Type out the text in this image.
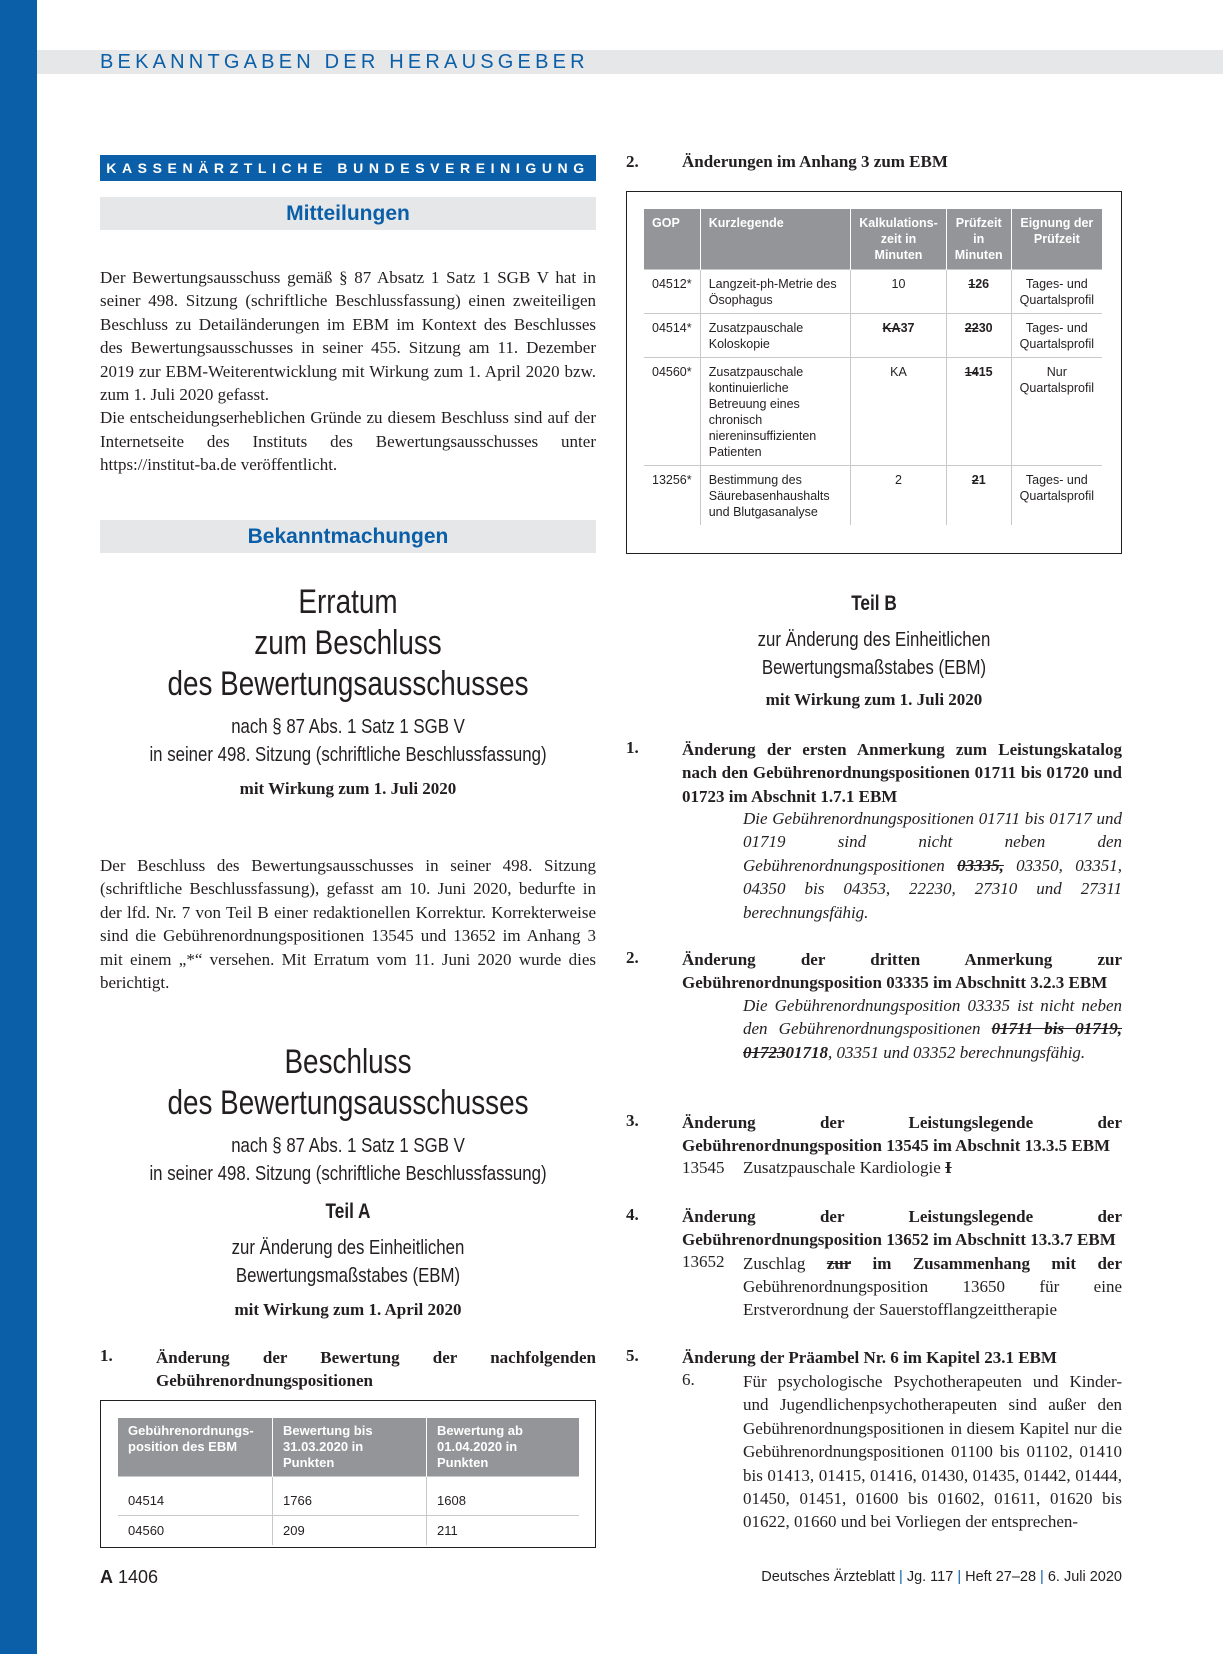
BEKANNTGABEN DER HERAUSGEBER
KASSENÄRZTLICHE BUNDESVEREINIGUNG
Mitteilungen
Der Bewertungsausschuss gemäß § 87 Absatz 1 Satz 1 SGB V hat in seiner 498. Sitzung (schriftliche Beschlussfassung) einen zweiteiligen Beschluss zu Detailänderungen im EBM im Kontext des Beschlusses des Bewertungsausschusses in seiner 455. Sitzung am 11. Dezember 2019 zur EBM-Weiterentwicklung mit Wirkung zum 1. April 2020 bzw. zum 1. Juli 2020 gefasst.
Die entscheidungserheblichen Gründe zu diesem Beschluss sind auf der Internetseite des Instituts des Bewertungsausschusses unter https://institut-ba.de veröffentlicht.
Bekanntmachungen
Erratum
zum Beschluss
des Bewertungsausschusses
nach § 87 Abs. 1 Satz 1 SGB V
in seiner 498. Sitzung (schriftliche Beschlussfassung)
mit Wirkung zum 1. Juli 2020
Der Beschluss des Bewertungsausschusses in seiner 498. Sitzung (schriftliche Beschlussfassung), gefasst am 10. Juni 2020, bedurfte in der lfd. Nr. 7 von Teil B einer redaktionellen Korrektur. Korrekterweise sind die Gebührenordnungspositionen 13545 und 13652 im Anhang 3 mit einem „*“ versehen. Mit Erratum vom 11. Juni 2020 wurde dies berichtigt.
Beschluss
des Bewertungsausschusses
nach § 87 Abs. 1 Satz 1 SGB V
in seiner 498. Sitzung (schriftliche Beschlussfassung)
Teil A
zur Änderung des Einheitlichen Bewertungsmaßstabes (EBM)
mit Wirkung zum 1. April 2020
1.	Änderung der Bewertung der nachfolgenden Gebührenordnungspositionen
Gebührenordnungs-position des EBM	Bewertung bis 31.03.2020 in Punkten	Bewertung ab 01.04.2020 in Punkten
04514	1766	1608
04560	209	211
2.	Änderungen im Anhang 3 zum EBM
GOP	Kurzlegende	Kalkulations-zeit in Minuten	Prüfzeit in Minuten	Eignung der Prüfzeit
04512*	Langzeit-ph-Metrie des Ösophagus	10	126	Tages- und Quartalsprofil
04514*	Zusatzpauschale Koloskopie	KA37	2230	Tages- und Quartalsprofil
04560*	Zusatzpauschale kontinuierliche Betreuung eines chronisch niereninsuffizienten Patienten	KA	1415	Nur Quartalsprofil
13256*	Bestimmung des Säurebasenhaushalts und Blutgasanalyse	2	21	Tages- und Quartalsprofil
Teil B
zur Änderung des Einheitlichen Bewertungsmaßstabes (EBM)
mit Wirkung zum 1. Juli 2020
1.	Änderung der ersten Anmerkung zum Leistungskatalog nach den Gebührenordnungspositionen 01711 bis 01720 und 01723 im Abschnit 1.7.1 EBM
Die Gebührenordnungspositionen 01711 bis 01717 und 01719 sind nicht neben den Gebührenordnungspositionen 03335, 03350, 03351, 04350 bis 04353, 22230, 27310 und 27311 berechnungsfähig.
2.	Änderung der dritten Anmerkung zur Gebührenordnungsposition 03335 im Abschnitt 3.2.3 EBM
Die Gebührenordnungsposition 03335 ist nicht neben den Gebührenordnungspositionen 01711 bis 01719, 0172301718, 03351 und 03352 berechnungsfähig.
3.	Änderung der Leistungslegende der Gebührenordnungsposition 13545 im Abschnit 13.3.5 EBM
13545 Zusatzpauschale Kardiologie I
4.	Änderung der Leistungslegende der Gebührenordnungsposition 13652 im Abschnitt 13.3.7 EBM
13652 Zuschlag zur im Zusammenhang mit der
Gebührenordnungsposition 13650 für eine Erstverordnung der Sauerstofflangzeittherapie
5.	Änderung der Präambel Nr. 6 im Kapitel 23.1 EBM
6.	Für psychologische Psychotherapeuten und Kinder- und Jugendlichenpsychotherapeuten sind außer den Gebührenordnungspositionen in diesem Kapitel nur die Gebührenordnungspositionen 01100 bis 01102, 01410 bis 01413, 01415, 01416, 01430, 01435, 01442, 01444, 01450, 01451, 01600 bis 01602, 01611, 01620 bis 01622, 01660 und bei Vorliegen der entsprechen-
A 1406	Deutsches Ärzteblatt | Jg. 117 | Heft 27–28 | 6. Juli 2020
